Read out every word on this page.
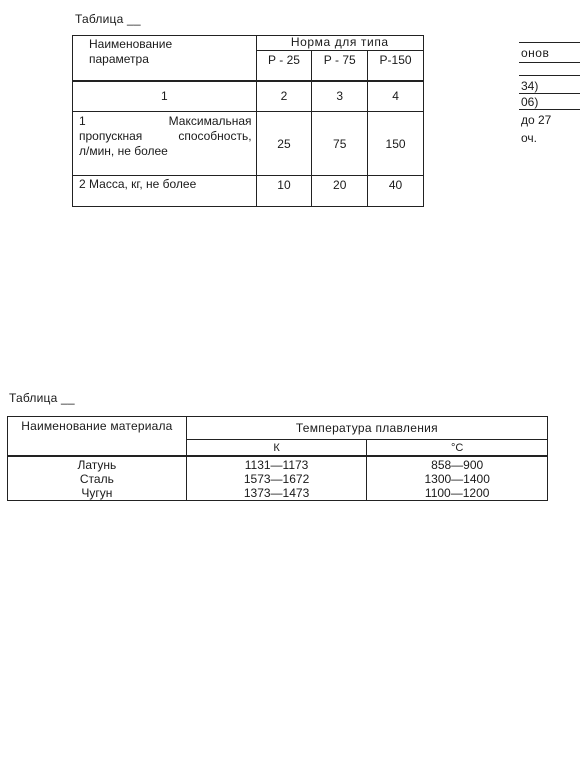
Таблица __
Наименование
параметра	Норма для типа		
	Р - 25	Р - 75	Р-150
1	2	3	4

1 Максимальная
пропускная способность,
л/мин, не более	25	75	150
2 Масса, кг, не более	10	20	40
онов
34)
06)
до 27
оч.
Таблица __
Наименование материала	Температура плавления	
	К	°С
Латунь	1131—1173	858—900
Сталь	1573—1672	1300—1400
Чугун	1373—1473	1100—1200
